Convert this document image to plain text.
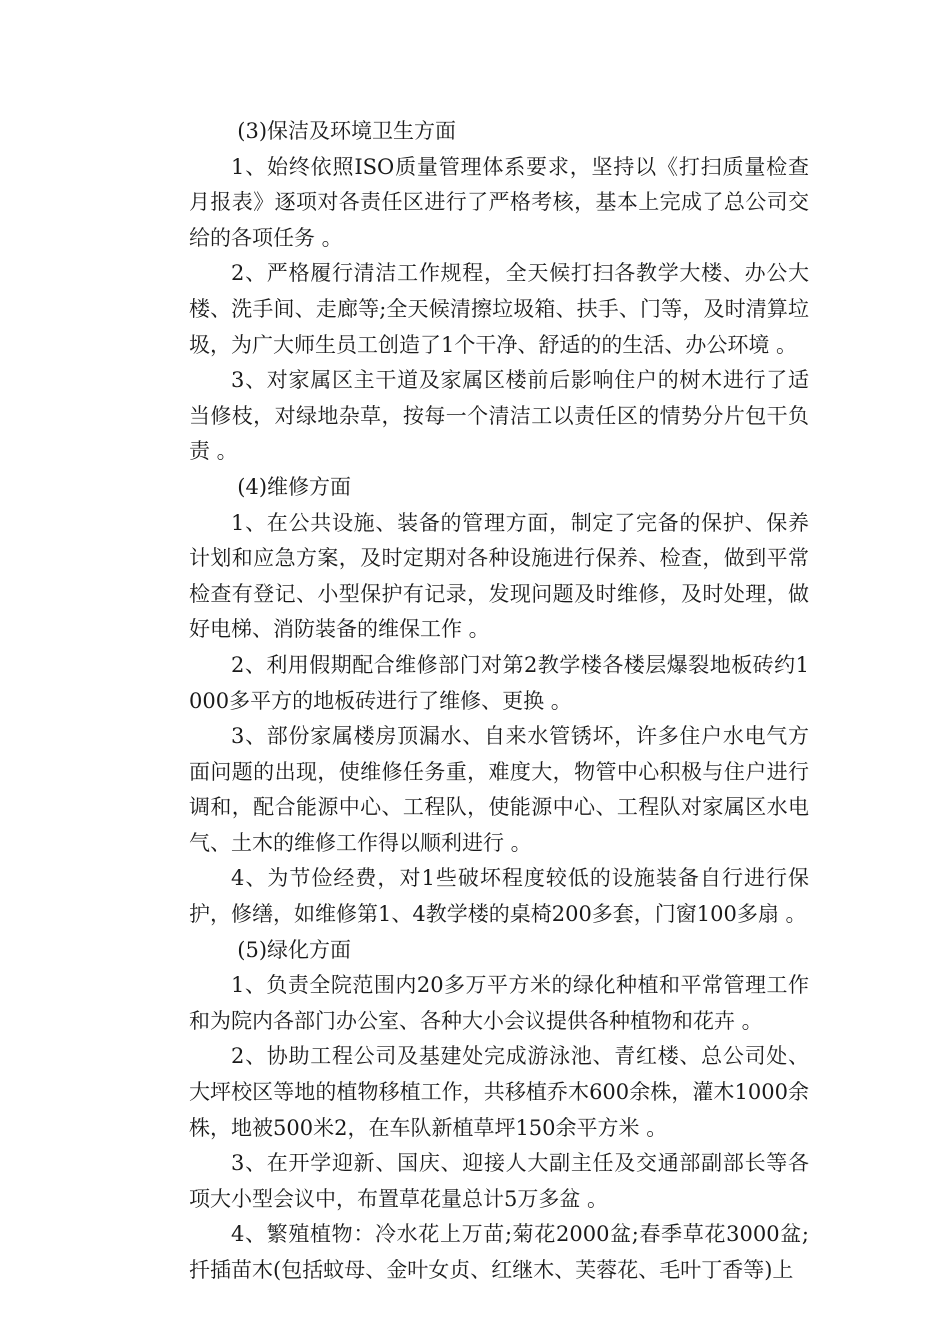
(3)保洁及环境卫生方面

1、始终依照ISO质量管理体系要求，坚持以《打扫质量检查月报表》逐项对各责任区进行了严格考核，基本上完成了总公司交给的各项任务 。

2、严格履行清洁工作规程，全天候打扫各教学大楼、办公大楼、洗手间、走廊等;全天候清擦垃圾箱、扶手、门等，及时清算垃圾，为广大师生员工创造了1个干净、舒适的的生活、办公环境 。

3、对家属区主干道及家属区楼前后影响住户的树木进行了适当修枝，对绿地杂草，按每一个清洁工以责任区的情势分片包干负责 。

(4)维修方面

1、在公共设施、装备的管理方面，制定了完备的保护、保养计划和应急方案，及时定期对各种设施进行保养、检查，做到平常检查有登记、小型保护有记录，发现问题及时维修，及时处理，做好电梯、消防装备的维保工作 。

2、利用假期配合维修部门对第2教学楼各楼层爆裂地板砖约1000多平方的地板砖进行了维修、更换 。

3、部份家属楼房顶漏水、自来水管锈坏，许多住户水电气方面问题的出现，使维修任务重，难度大，物管中心积极与住户进行调和，配合能源中心、工程队，使能源中心、工程队对家属区水电气、土木的维修工作得以顺利进行 。

4、为节俭经费，对1些破坏程度较低的设施装备自行进行保护，修缮，如维修第1、4教学楼的桌椅200多套，门窗100多扇 。

(5)绿化方面

1、负责全院范围内20多万平方米的绿化种植和平常管理工作和为院内各部门办公室、各种大小会议提供各种植物和花卉 。

2、协助工程公司及基建处完成游泳池、青红楼、总公司处、大坪校区等地的植物移植工作，共移植乔木600余株，灌木1000余株，地被500米2，在车队新植草坪150余平方米 。

3、在开学迎新、国庆、迎接人大副主任及交通部副部长等各项大小型会议中，布置草花量总计5万多盆 。

4、繁殖植物：冷水花上万苗;菊花2000盆;春季草花3000盆;扦插苗木(包括蚊母、金叶女贞、红继木、芙蓉花、毛叶丁香等)上
